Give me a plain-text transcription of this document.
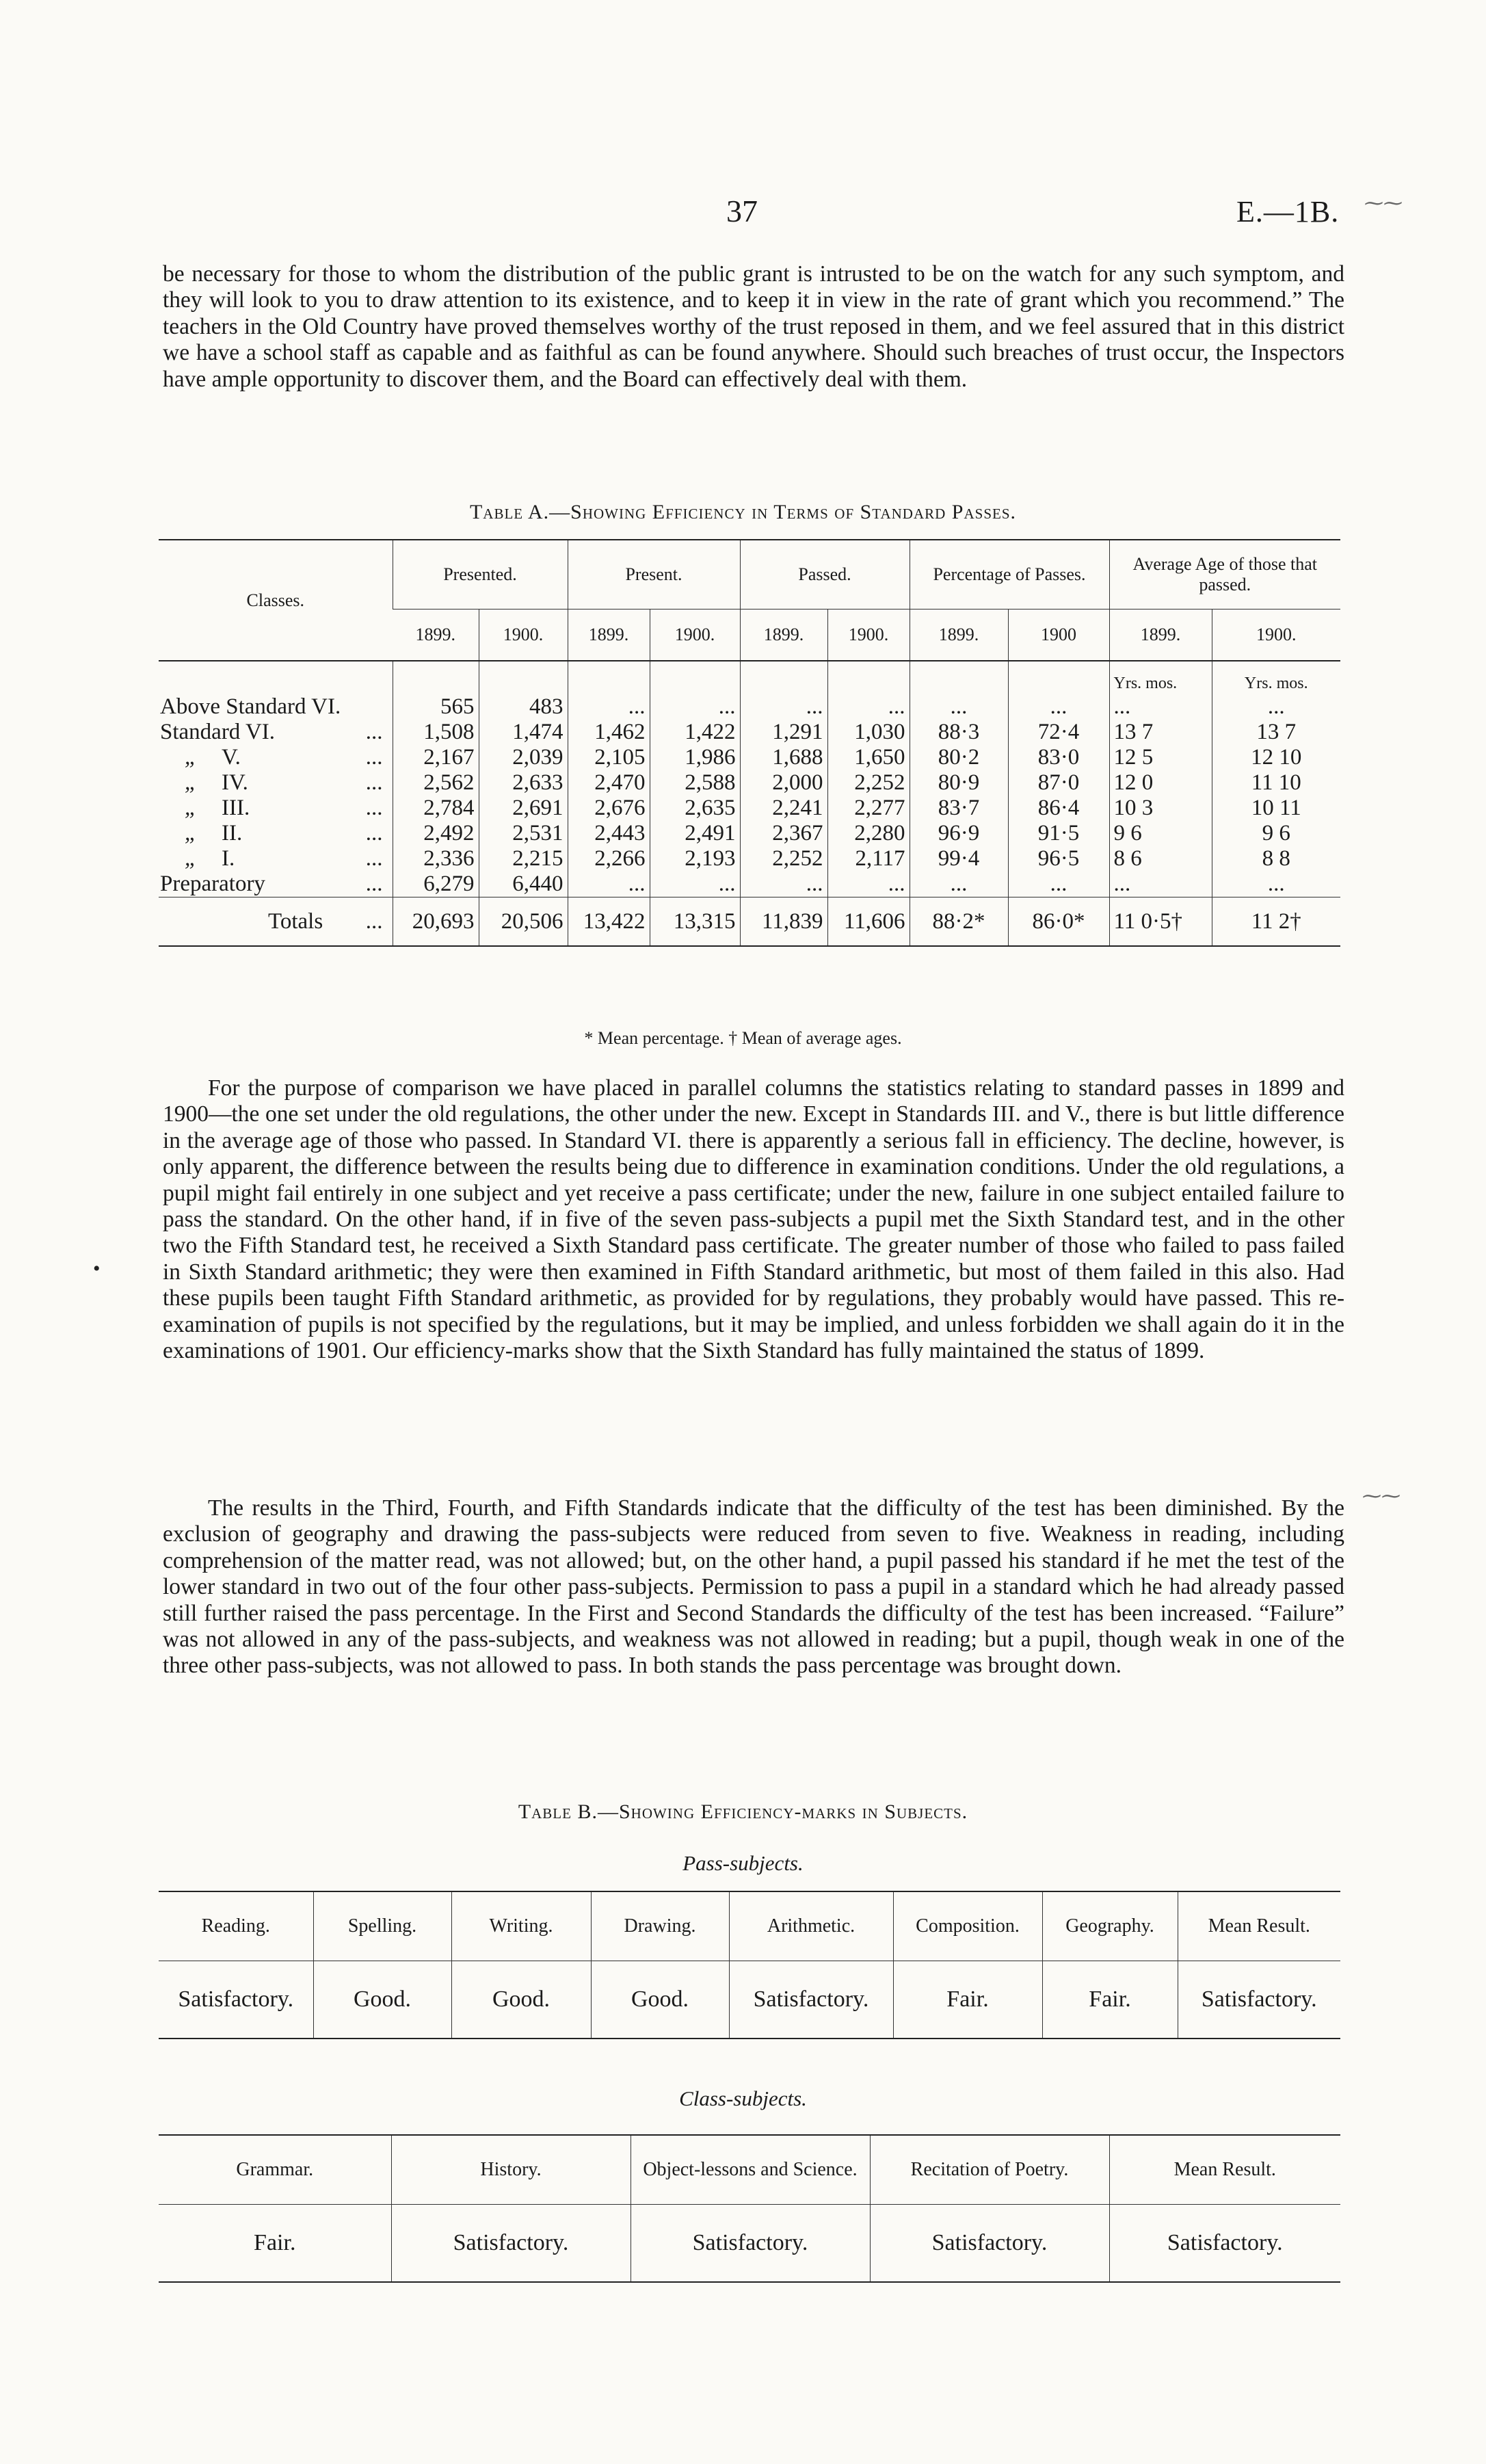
37	E.—1B.

be necessary for those to whom the distribution of the public grant is intrusted to be on the watch for any such symptom, and they will look to you to draw attention to its existence, and to keep it in view in the rate of grant which you recommend.” The teachers in the Old Country have proved themselves worthy of the trust reposed in them, and we feel assured that in this district we have a school staff as capable and as faithful as can be found anywhere. Should such breaches of trust occur, the Inspectors have ample opportunity to discover them, and the Board can effectively deal with them.

Table A.—Showing Efficiency in Terms of Standard Passes.
Classes.	Presented.		Present.		Passed.		Percentage of Passes.		Average Age of those that passed.	
	1899.	1900.	1899.	1900.	1899.	1900.	1899.	1900	1899.	1900.
									Yrs. mos.	Yrs. mos.
Above Standard VI.	565	483	...	...	...	...	...	...	...	...
Standard VI. ...	1,508	1,474	1,462	1,422	1,291	1,030	88·3	72·4	13 7	13 7
„ V. ...	2,167	2,039	2,105	1,986	1,688	1,650	80·2	83·0	12 5	12 10
„ IV. ...	2,562	2,633	2,470	2,588	2,000	2,252	80·9	87·0	12 0	11 10
„ III. ...	2,784	2,691	2,676	2,635	2,241	2,277	83·7	86·4	10 3	10 11
„ II. ...	2,492	2,531	2,443	2,491	2,367	2,280	96·9	91·5	9 6	9 6
„ I. ...	2,336	2,215	2,266	2,193	2,252	2,117	99·4	96·5	8 6	8 8
Preparatory ...	6,279	6,440	...	...	...	...	...	...	...	...
Totals ...	20,693	20,506	13,422	13,315	11,839	11,606	88·2*	86·0*	11 0·5†	11 2†
* Mean percentage. † Mean of average ages.

For the purpose of comparison we have placed in parallel columns the statistics relating to standard passes in 1899 and 1900—the one set under the old regulations, the other under the new. Except in Standards III. and V., there is but little difference in the average age of those who passed. In Standard VI. there is apparently a serious fall in efficiency. The decline, however, is only apparent, the difference between the results being due to difference in examination conditions. Under the old regulations, a pupil might fail entirely in one subject and yet receive a pass certificate; under the new, failure in one subject entailed failure to pass the standard. On the other hand, if in five of the seven pass-subjects a pupil met the Sixth Standard test, and in the other two the Fifth Standard test, he received a Sixth Standard pass certificate. The greater number of those who failed to pass failed in Sixth Standard arithmetic; they were then examined in Fifth Standard arithmetic, but most of them failed in this also. Had these pupils been taught Fifth Standard arithmetic, as provided for by regulations, they probably would have passed. This re-examination of pupils is not specified by the regulations, but it may be implied, and unless forbidden we shall again do it in the examinations of 1901. Our efficiency-marks show that the Sixth Standard has fully maintained the status of 1899.

The results in the Third, Fourth, and Fifth Standards indicate that the difficulty of the test has been diminished. By the exclusion of geography and drawing the pass-subjects were reduced from seven to five. Weakness in reading, including comprehension of the matter read, was not allowed; but, on the other hand, a pupil passed his standard if he met the test of the lower standard in two out of the four other pass-subjects. Permission to pass a pupil in a standard which he had already passed still further raised the pass percentage. In the First and Second Standards the difficulty of the test has been increased. “Failure” was not allowed in any of the pass-subjects, and weakness was not allowed in reading; but a pupil, though weak in one of the three other pass-subjects, was not allowed to pass. In both stands the pass percentage was brought down.

Table B.—Showing Efficiency-marks in Subjects.
Pass-subjects.
Reading.	Spelling.	Writing.	Drawing.	Arithmetic.	Composition.	Geography.	Mean Result.
Satisfactory.	Good.	Good.	Good.	Satisfactory.	Fair.	Fair.	Satisfactory.
Class-subjects.
Grammar.	History.	Object-lessons and Science.	Recitation of Poetry.	Mean Result.
Fair.	Satisfactory.	Satisfactory.	Satisfactory.	Satisfactory.
⁓⁓
•
⁓⁓
